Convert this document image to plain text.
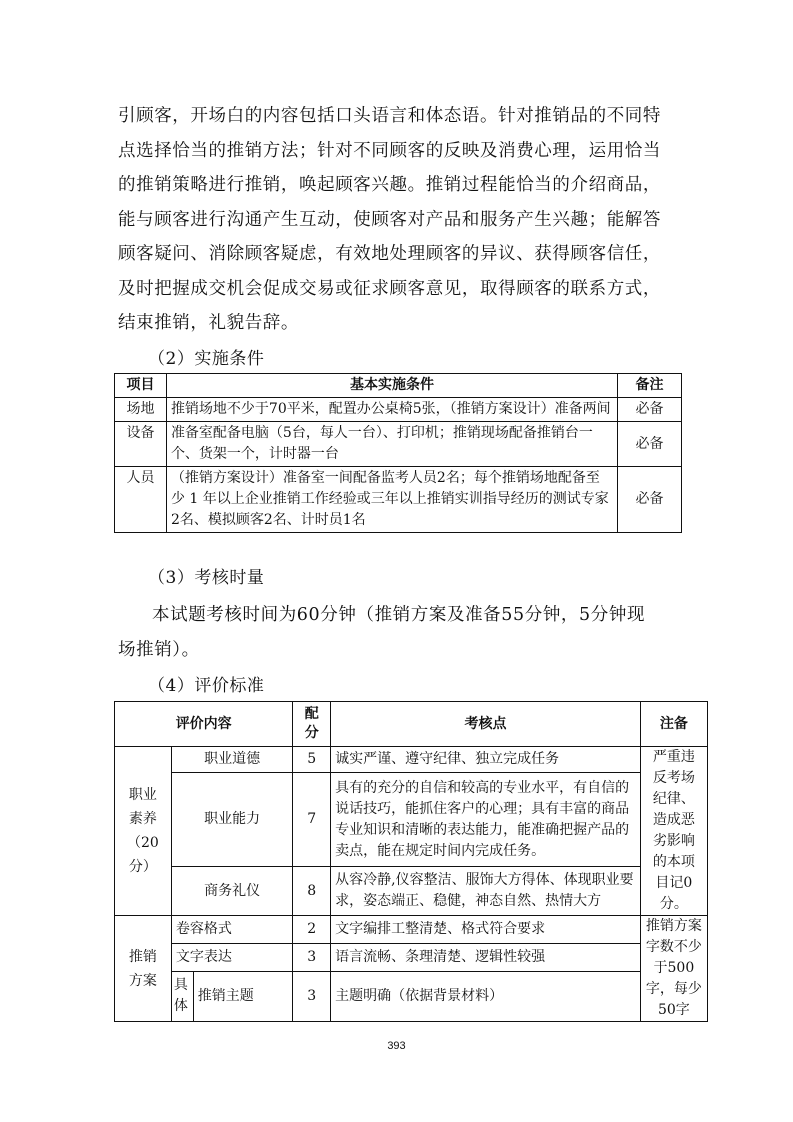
引顾客，开场白的内容包括口头语言和体态语。针对推销品的不同特
点选择恰当的推销方法；针对不同顾客的反映及消费心理，运用恰当
的推销策略进行推销，唤起顾客兴趣。推销过程能恰当的介绍商品，
能与顾客进行沟通产生互动，使顾客对产品和服务产生兴趣；能解答
顾客疑问、消除顾客疑虑，有效地处理顾客的异议、获得顾客信任，
及时把握成交机会促成交易或征求顾客意见，取得顾客的联系方式，
结束推销，礼貌告辞。
（2）实施条件
项目	基本实施条件	备注
场地	推销场地不少于70平米，配置办公桌椅5张，（推销方案设计）准备两间	必备
设备	准备室配备电脑（5台，每人一台）、打印机；推销现场配备推销台一个、货架一个，计时器一台	必备
人员	（推销方案设计）准备室一间配备监考人员2名；每个推销场地配备至少 1 年以上企业推销工作经验或三年以上推销实训指导经历的测试专家2名、模拟顾客2名、计时员1名	必备
（3）考核时量
本试题考核时间为60分钟（推销方案及准备55分钟，5分钟现
场推销）。
（4）评价标准
评价内容			配分	考核点	注备
职业素养（20分）	职业道德		5	诚实严谨、遵守纪律、独立完成任务	严重违反考场纪律、造成恶劣影响的本项目记0分。
	职业能力		7	具有的充分的自信和较高的专业水平，有自信的说话技巧，能抓住客户的心理；具有丰富的商品专业知识和清晰的表达能力，能准确把握产品的卖点，能在规定时间内完成任务。	
	商务礼仪		8	从容冷静,仪容整洁、服饰大方得体、体现职业要求，姿态端正、稳健，神态自然、热情大方	
推销方案	卷容格式		2	文字编排工整清楚、格式符合要求	推销方案字数不少于500字，每少50字
	文字表达		3	语言流畅、条理清楚、逻辑性较强	
	具体	推销主题	3	主题明确（依据背景材料）	
393
